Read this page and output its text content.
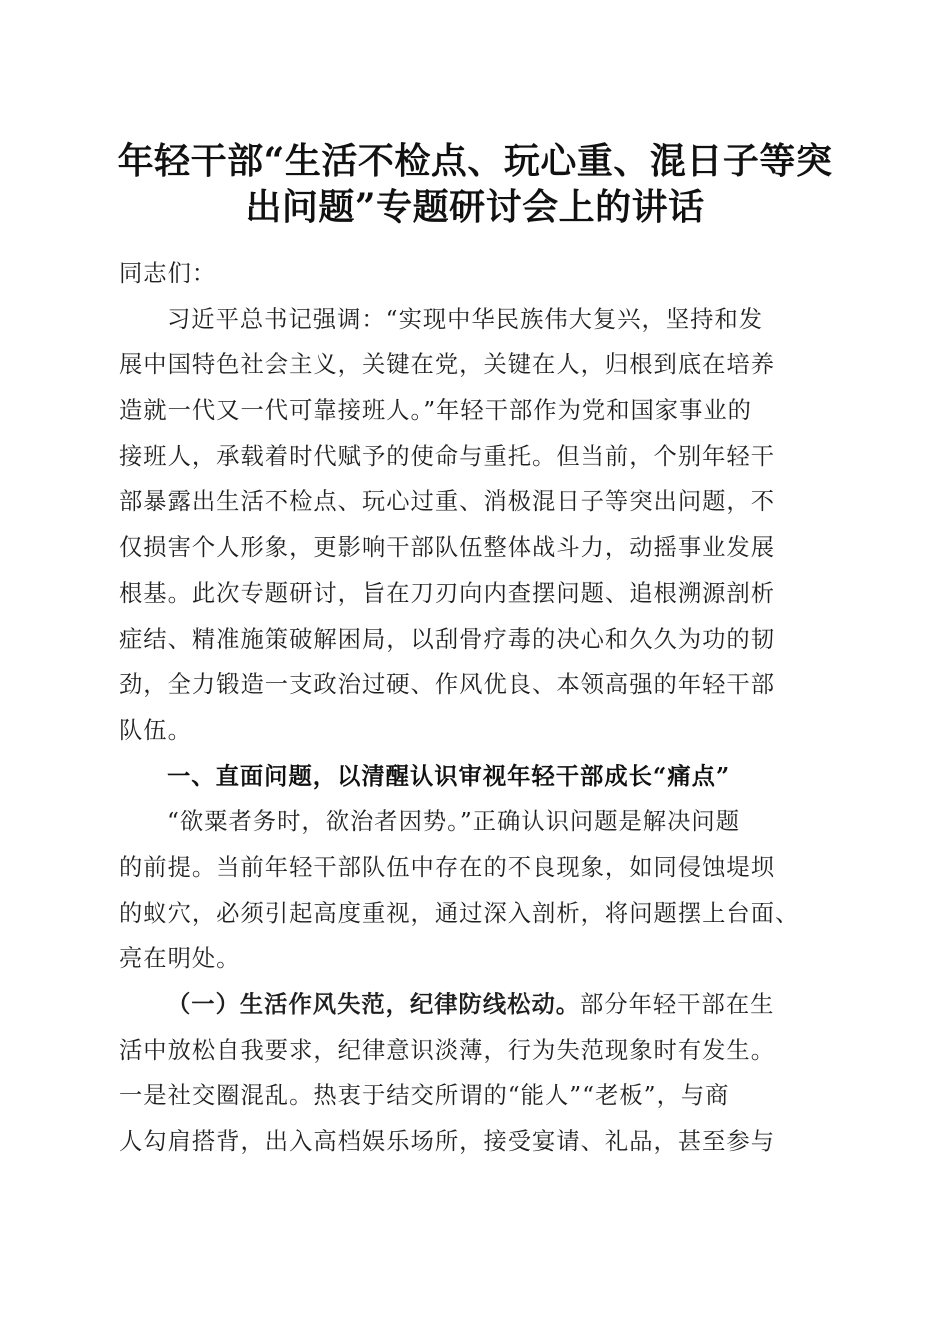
年轻干部“生活不检点、玩心重、混日子等突
出问题”专题研讨会上的讲话
同志们：
习近平总书记强调：“实现中华民族伟大复兴，坚持和发
展中国特色社会主义，关键在党，关键在人，归根到底在培养
造就一代又一代可靠接班人。”年轻干部作为党和国家事业的
接班人，承载着时代赋予的使命与重托。但当前，个别年轻干
部暴露出生活不检点、玩心过重、消极混日子等突出问题，不
仅损害个人形象，更影响干部队伍整体战斗力，动摇事业发展
根基。此次专题研讨，旨在刀刃向内查摆问题、追根溯源剖析
症结、精准施策破解困局，以刮骨疗毒的决心和久久为功的韧
劲，全力锻造一支政治过硬、作风优良、本领高强的年轻干部
队伍。
一、直面问题，以清醒认识审视年轻干部成长“痛点”
“欲粟者务时，欲治者因势。”正确认识问题是解决问题
的前提。当前年轻干部队伍中存在的不良现象，如同侵蚀堤坝
的蚁穴，必须引起高度重视，通过深入剖析，将问题摆上台面、
亮在明处。
（一）生活作风失范，纪律防线松动。部分年轻干部在生
活中放松自我要求，纪律意识淡薄，行为失范现象时有发生。
一是社交圈混乱。热衷于结交所谓的“能人”“老板”，与商
人勾肩搭背，出入高档娱乐场所，接受宴请、礼品，甚至参与
